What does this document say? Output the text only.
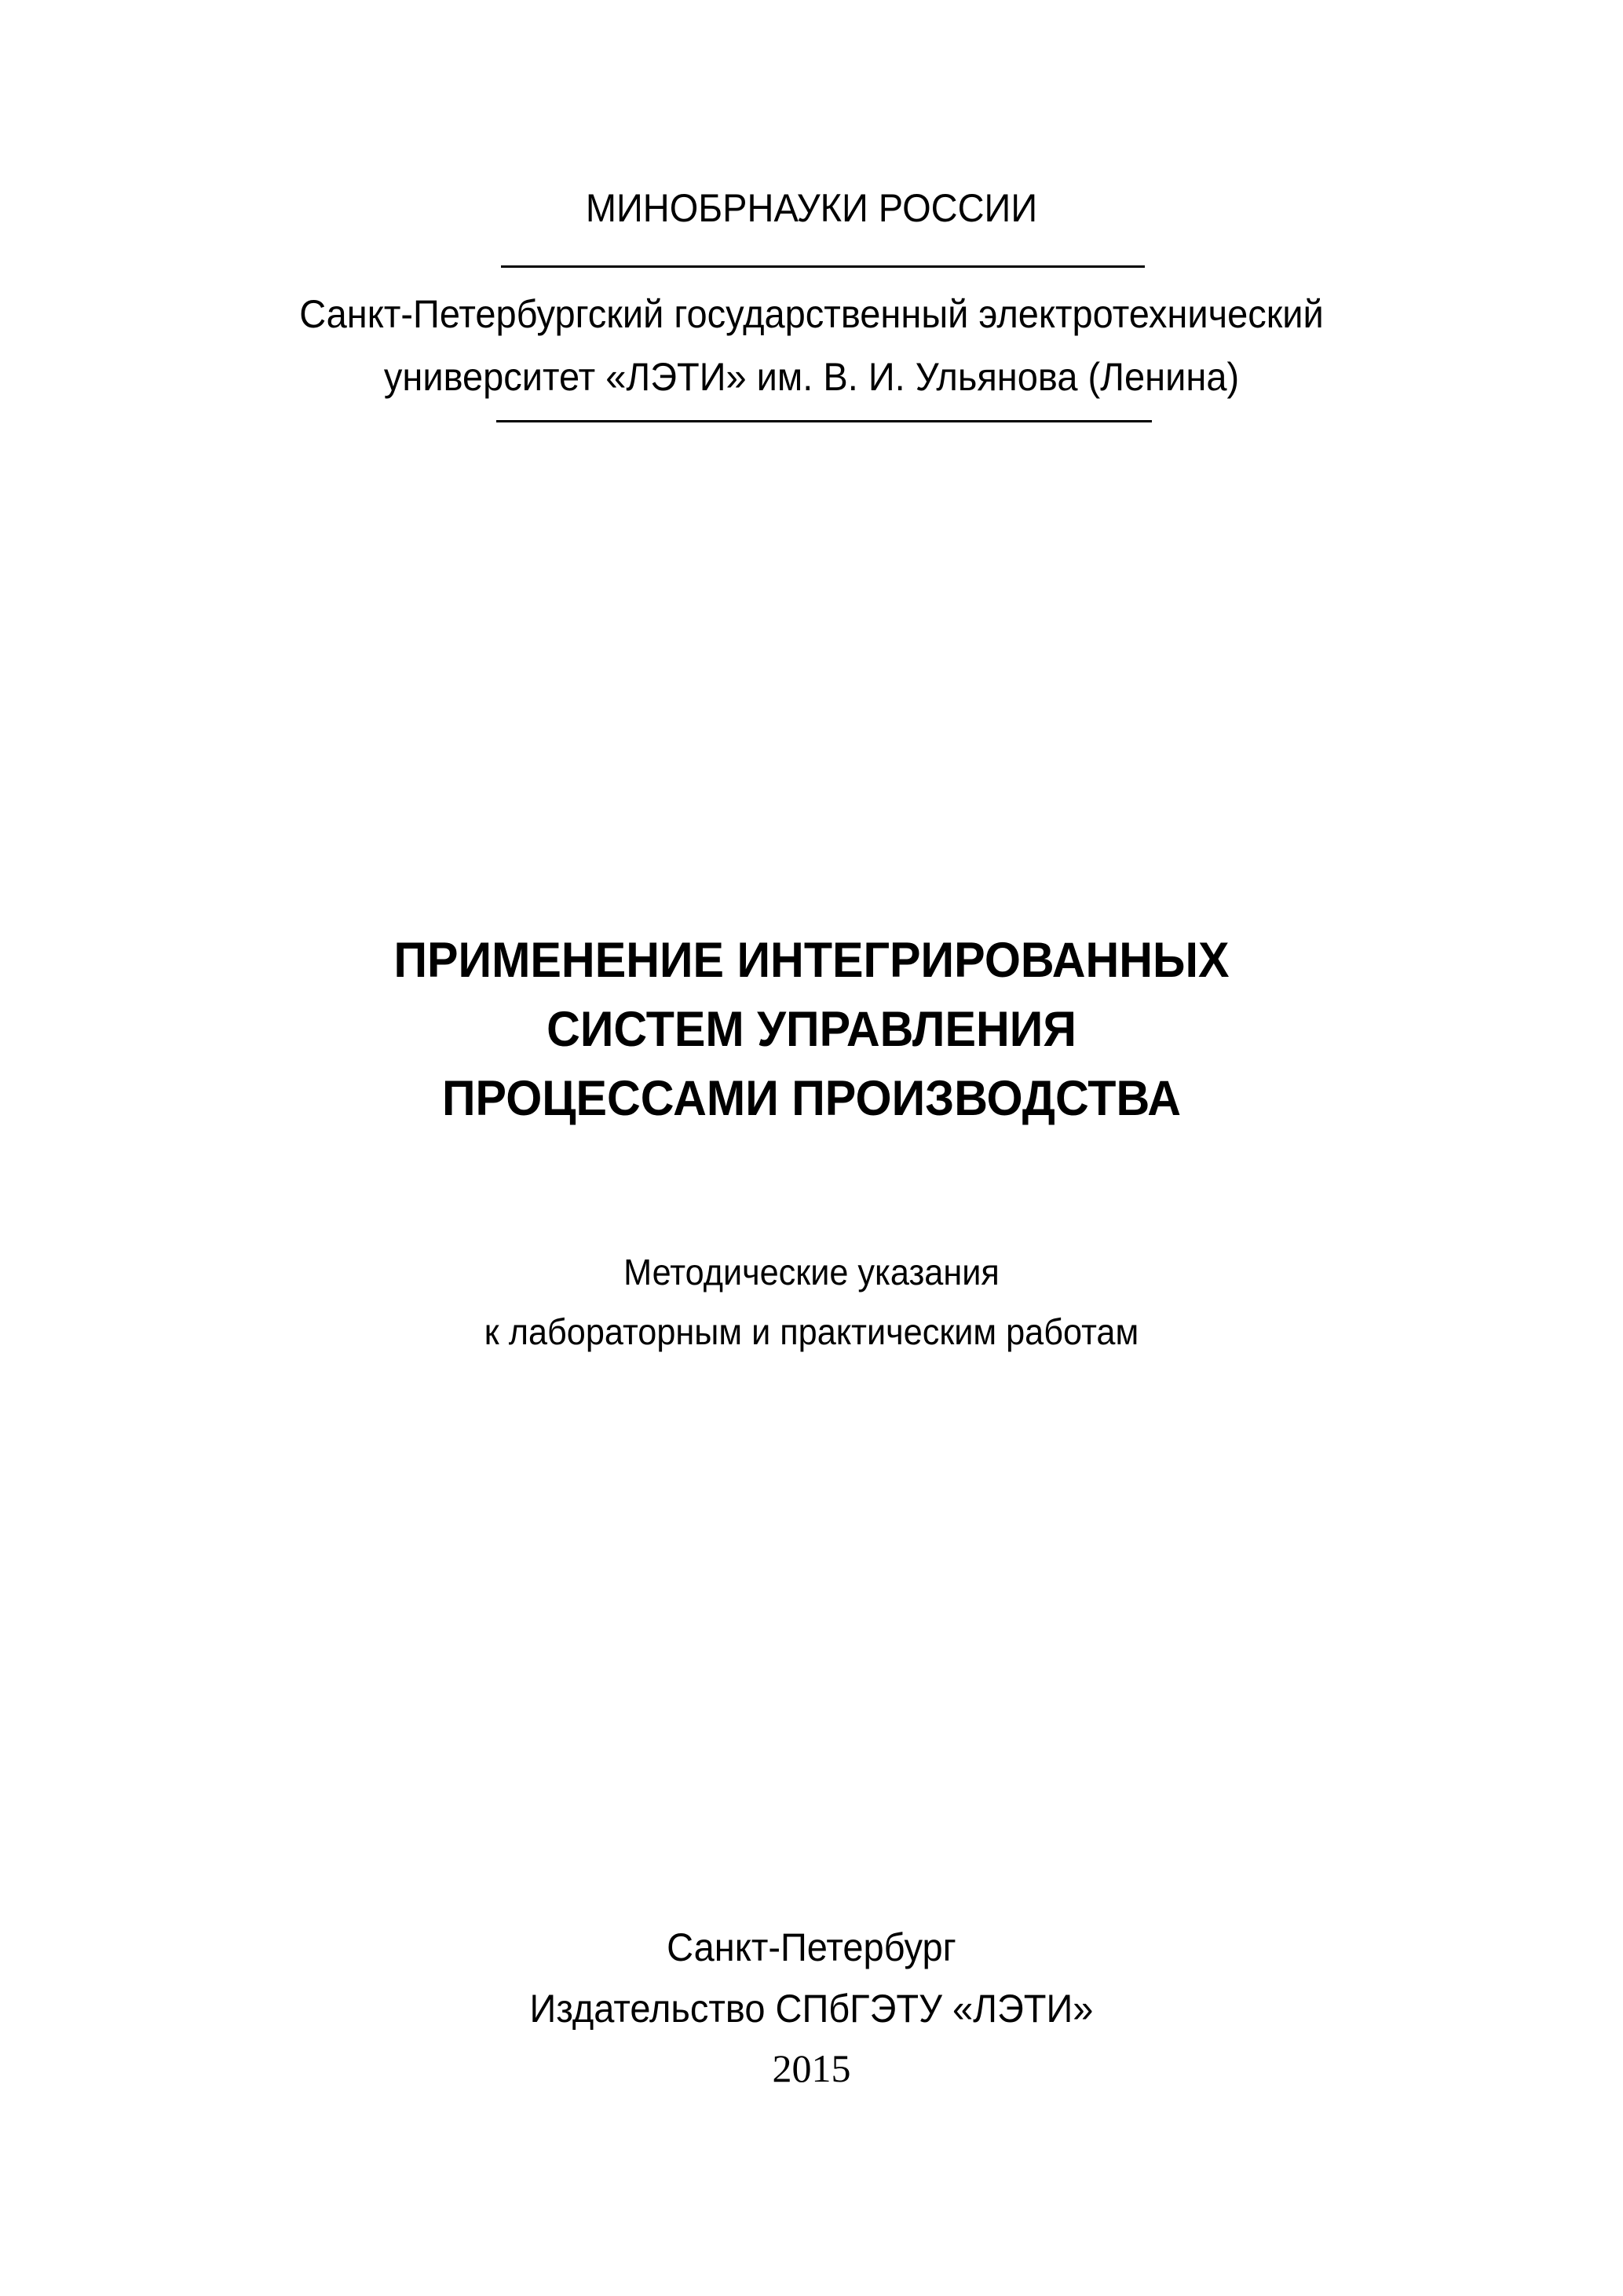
МИНОБРНАУКИ РОССИИ
Санкт-Петербургский государственный электротехнический
университет «ЛЭТИ» им. В. И. Ульянова (Ленина)
ПРИМЕНЕНИЕ ИНТЕГРИРОВАННЫХ
СИСТЕМ УПРАВЛЕНИЯ
ПРОЦЕССАМИ ПРОИЗВОДСТВА
Методические указания
к лабораторным и практическим работам
Санкт-Петербург
Издательство СПбГЭТУ «ЛЭТИ»
2015
